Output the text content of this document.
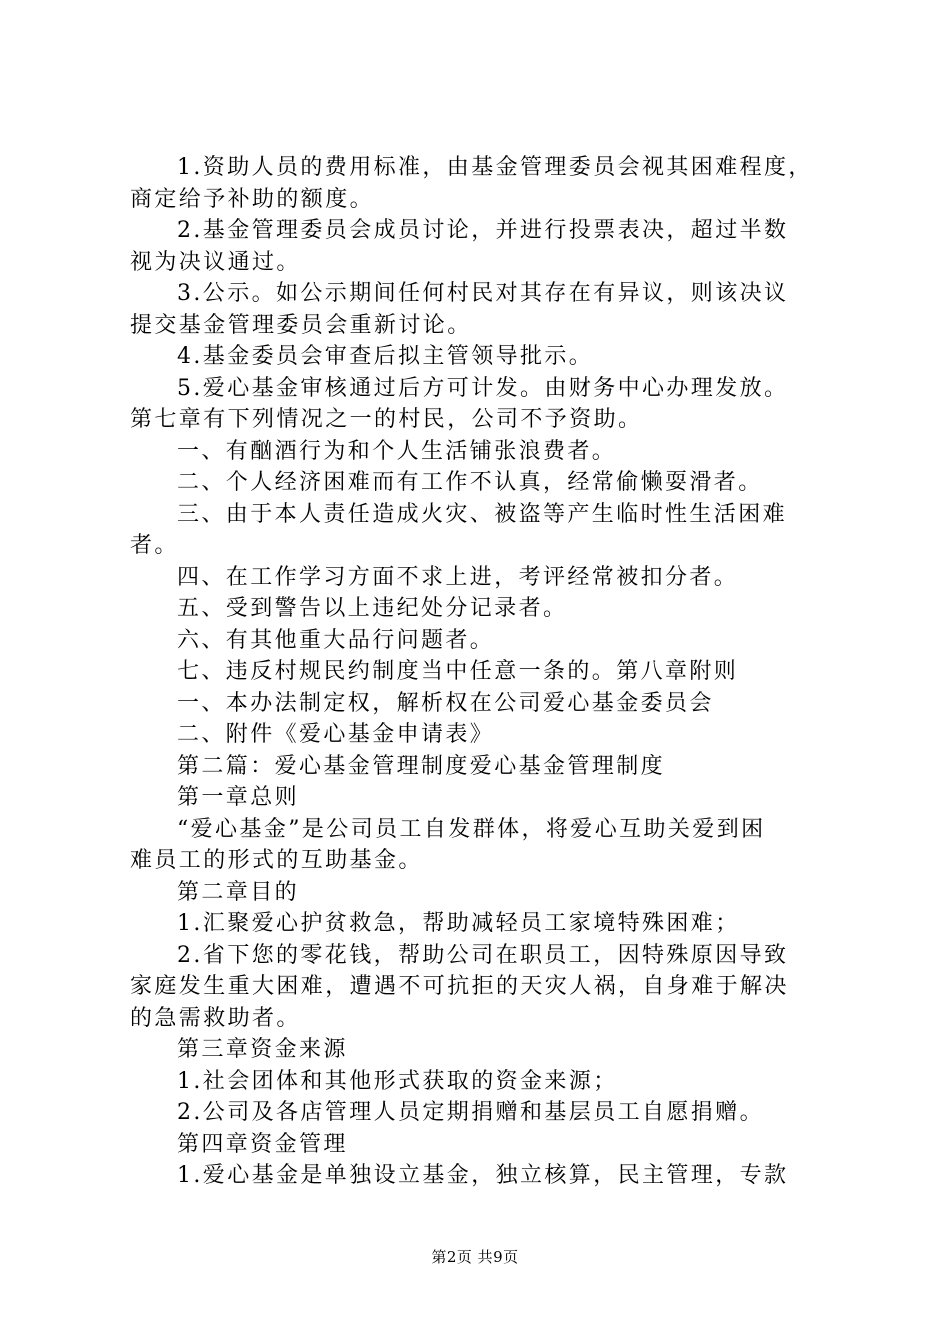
1.资助人员的费用标准，由基金管理委员会视其困难程度，
商定给予补助的额度。
2.基金管理委员会成员讨论，并进行投票表决，超过半数
视为决议通过。
3.公示。如公示期间任何村民对其存在有异议，则该决议
提交基金管理委员会重新讨论。
4.基金委员会审查后拟主管领导批示。
5.爱心基金审核通过后方可计发。由财务中心办理发放。
第七章有下列情况之一的村民，公司不予资助。
一、有酗酒行为和个人生活铺张浪费者。
二、个人经济困难而有工作不认真，经常偷懒耍滑者。
三、由于本人责任造成火灾、被盗等产生临时性生活困难
者。
四、在工作学习方面不求上进，考评经常被扣分者。
五、受到警告以上违纪处分记录者。
六、有其他重大品行问题者。
七、违反村规民约制度当中任意一条的。第八章附则
一、本办法制定权，解析权在公司爱心基金委员会
二、附件《爱心基金申请表》
第二篇：爱心基金管理制度爱心基金管理制度
第一章总则
“爱心基金”是公司员工自发群体，将爱心互助关爱到困
难员工的形式的互助基金。
第二章目的
1.汇聚爱心护贫救急，帮助减轻员工家境特殊困难；
2.省下您的零花钱，帮助公司在职员工，因特殊原因导致
家庭发生重大困难，遭遇不可抗拒的天灾人祸，自身难于解决
的急需救助者。
第三章资金来源
1.社会团体和其他形式获取的资金来源；
2.公司及各店管理人员定期捐赠和基层员工自愿捐赠。
第四章资金管理
1.爱心基金是单独设立基金，独立核算，民主管理，专款
第2页 共9页
